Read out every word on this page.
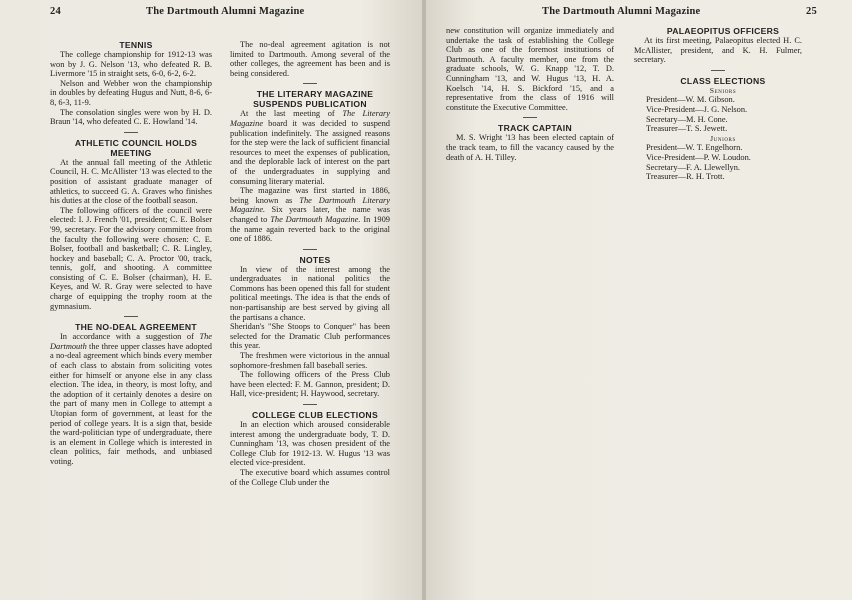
24	The Dartmouth Alumni Magazine

TENNIS

The college championship for 1912-13 was won by J. G. Nelson '13, who defeated R. B. Livermore '15 in straight sets, 6-0, 6-2, 6-2.

Nelson and Webber won the championship in doubles by defeating Hugus and Nutt, 8-6, 6-8, 6-3, 11-9.

The consolation singles were won by H. D. Braun '14, who defeated C. E. Howland '14.

ATHLETIC COUNCIL HOLDS MEETING

At the annual fall meeting of the Athletic Council, H. C. McAllister '13 was elected to the position of assistant graduate manager of athletics, to succeed G. A. Graves who finishes his duties at the close of the football season.

The following officers of the council were elected: I. J. French '01, president; C. E. Bolser '99, secretary. For the advisory committee from the faculty the following were chosen: C. E. Bolser, football and basketball; C. R. Lingley, hockey and baseball; C. A. Proctor '00, track, tennis, golf, and shooting. A committee consisting of C. E. Bolser (chairman), H. E. Keyes, and W. R. Gray were selected to have charge of equipping the trophy room at the gymnasium.

THE NO-DEAL AGREEMENT

In accordance with a suggestion of The Dartmouth the three upper classes have adopted a no-deal agreement which binds every member of each class to abstain from soliciting votes either for himself or anyone else in any class election. The idea, in theory, is most lofty, and the adoption of it certainly denotes a desire on the part of many men in College to attempt a Utopian form of government, at least for the period of college years. It is a sign that, beside the ward-politician type of undergraduate, there is an element in College which is interested in clean politics, fair methods, and unbiased voting.

The no-deal agreement agitation is not limited to Dartmouth. Among several of the other colleges, the agreement has been and is being considered.

THE LITERARY MAGAZINE SUSPENDS PUBLICATION

At the last meeting of The Literary Magazine board it was decided to suspend publication indefinitely. The assigned reasons for the step were the lack of sufficient financial resources to meet the expenses of publication, and the deplorable lack of interest on the part of the undergraduates in supplying and consuming literary material.

The magazine was first started in 1886, being known as The Dartmouth Literary Magazine. Six years later, the name was changed to The Dartmouth Magazine. In 1909 the name again reverted back to the original one of 1886.

NOTES

In view of the interest among the undergraduates in national politics the Commons has been opened this fall for student political meetings. The idea is that the ends of non-partisanship are best served by giving all the partisans a chance.

Sheridan's "She Stoops to Conquer" has been selected for the Dramatic Club performances this year.

The freshmen were victorious in the annual sophomore-freshmen fall baseball series.

The following officers of the Press Club have been elected: F. M. Gannon, president; D. Hall, vice-president; H. Haywood, secretary.

COLLEGE CLUB ELECTIONS

In an election which aroused considerable interest among the undergraduate body, T. D. Cunningham '13, was chosen president of the College Club for 1912-13. W. Hugus '13 was elected vice-president.

The executive board which assumes control of the College Club under the

The Dartmouth Alumni Magazine	25

new constitution will organize immediately and undertake the task of establishing the College Club as one of the foremost institutions of Dartmouth. A faculty member, one from the graduate schools, W. G. Knapp '12, T. D. Cunningham '13, and W. Hugus '13, H. A. Koelsch '14, H. S. Bickford '15, and a representative from the class of 1916 will constitute the Executive Committee.

TRACK CAPTAIN

M. S. Wright '13 has been elected captain of the track team, to fill the vacancy caused by the death of A. H. Tilley.

PALAEOPITUS OFFICERS

At its first meeting, Palaeopitus elected H. C. McAllister, president, and K. H. Fulmer, secretary.

CLASS ELECTIONS

Seniors

President—W. M. Gibson.

Vice-President—J. G. Nelson.

Secretary—M. H. Cone.

Treasurer—T. S. Jewett.

Juniors

President—W. T. Engelhorn.

Vice-President—P. W. Loudon.

Secretary—F. A. Llewellyn.

Treasurer—R. H. Trott.
